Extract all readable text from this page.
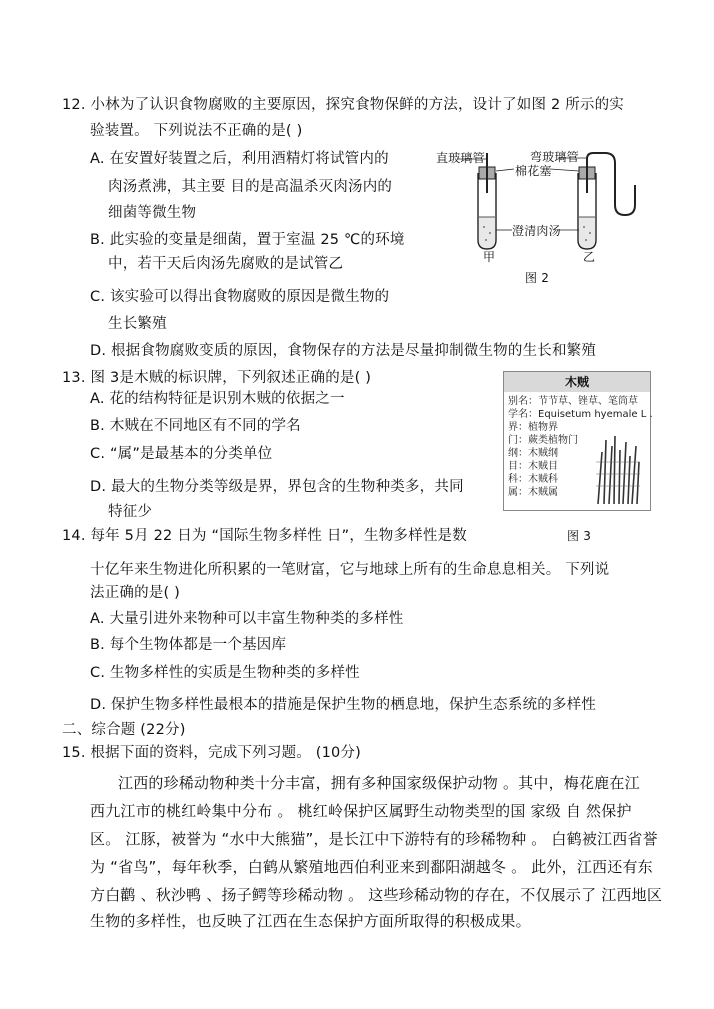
12. 小林为了认识食物腐败的主要原因，探究食物保鲜的方法，设计了如图 2 所示的实
验装置。 下列说法不正确的是( )
A. 在安置好装置之后，利用酒精灯将试管内的
肉汤煮沸，其主要 目的是高温杀灭肉汤内的
细菌等微生物
B. 此实验的变量是细菌，置于室温 25 ℃的环境
中，若干天后肉汤先腐败的是试管乙
C. 该实验可以得出食物腐败的原因是微生物的
生长繁殖
D. 根据食物腐败变质的原因，食物保存的方法是尽量抑制微生物的生长和繁殖
直玻璃管	弯玻璃管
棉花塞
澄清肉汤
甲	乙
图 2
13. 图 3是木贼的标识牌，下列叙述正确的是( )
A. 花的结构特征是识别木贼的依据之一
B. 木贼在不同地区有不同的学名
C. “属”是最基本的分类单位
D. 最大的生物分类等级是界，界包含的生物种类多，共同
特征少
木贼
别名：节节草、锉草、笔筒草
学名：Equisetum hyemale L .
界：植物界
门：蕨类植物门
纲：木贼纲
目：木贼目
科：木贼科
属：木贼属
图 3
14. 每年 5月 22 日为 “国际生物多样性 日”，生物多样性是数
十亿年来生物进化所积累的一笔财富，它与地球上所有的生命息息相关。 下列说
法正确的是( )
A. 大量引进外来物种可以丰富生物种类的多样性
B. 每个生物体都是一个基因库
C. 生物多样性的实质是生物种类的多样性
D. 保护生物多样性最根本的措施是保护生物的栖息地，保护生态系统的多样性
二、综合题 (22分)
15. 根据下面的资料，完成下列习题。 (10分)
江西的珍稀动物种类十分丰富，拥有多种国家级保护动物 。其中，梅花鹿在江
西九江市的桃红岭集中分布 。 桃红岭保护区属野生动物类型的国 家级 自 然保护
区。 江豚，被誉为 “水中大熊猫”，是长江中下游特有的珍稀物种 。 白鹤被江西省誉
为 “省鸟”，每年秋季，白鹤从繁殖地西伯利亚来到鄱阳湖越冬 。 此外，江西还有东
方白鹳 、秋沙鸭 、扬子鳄等珍稀动物 。 这些珍稀动物的存在，不仅展示了 江西地区
生物的多样性，也反映了江西在生态保护方面所取得的积极成果。
